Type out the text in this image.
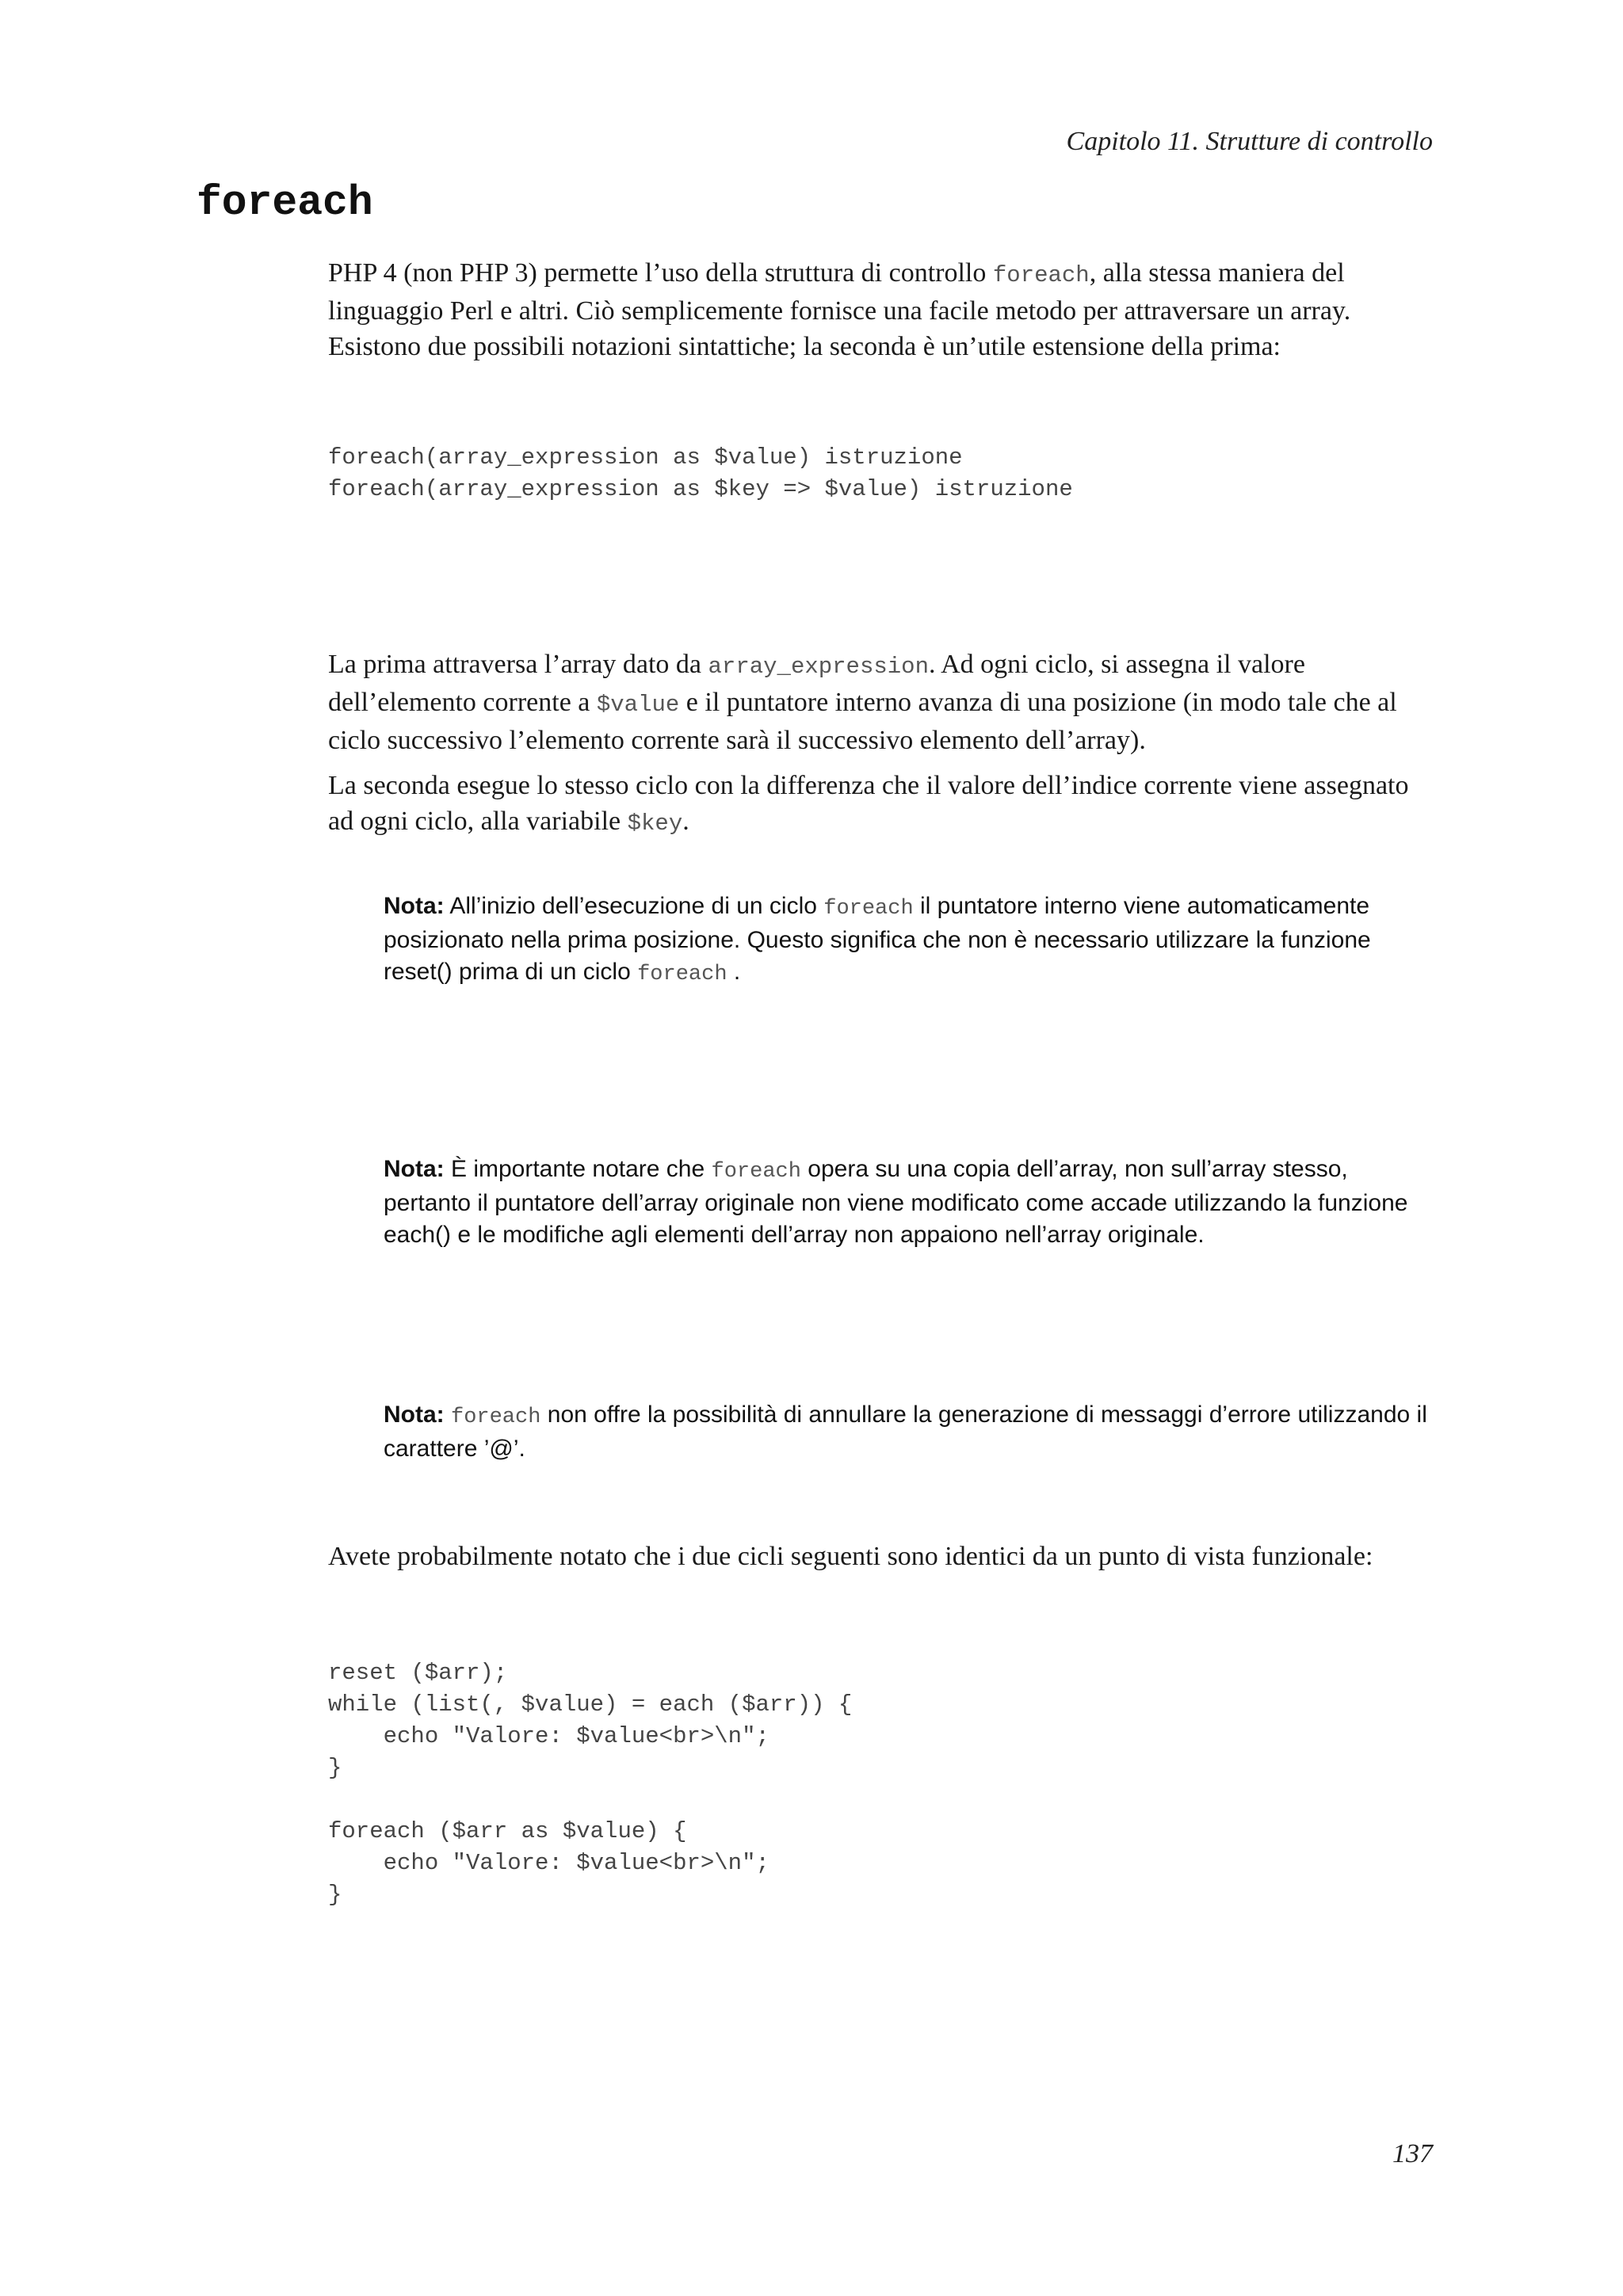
Capitolo 11. Strutture di controllo
foreach

PHP 4 (non PHP 3) permette l’uso della struttura di controllo foreach, alla stessa maniera del linguaggio Perl e altri. Ciò semplicemente fornisce una facile metodo per attraversare un array. Esistono due possibili notazioni sintattiche; la seconda è un’utile estensione della prima:

foreach(array_expression as $value) istruzione
foreach(array_expression as $key => $value) istruzione

La prima attraversa l’array dato da array_expression. Ad ogni ciclo, si assegna il valore dell’elemento corrente a $value e il puntatore interno avanza di una posizione (in modo tale che al ciclo successivo l’elemento corrente sarà il successivo elemento dell’array).

La seconda esegue lo stesso ciclo con la differenza che il valore dell’indice corrente viene assegnato ad ogni ciclo, alla variabile $key.

Nota: All’inizio dell’esecuzione di un ciclo foreach il puntatore interno viene automaticamente posizionato nella prima posizione. Questo significa che non è necessario utilizzare la funzione reset() prima di un ciclo foreach .

Nota: È importante notare che foreach opera su una copia dell’array, non sull’array stesso, pertanto il puntatore dell’array originale non viene modificato come accade utilizzando la funzione each() e le modifiche agli elementi dell’array non appaiono nell’array originale.

Nota: foreach non offre la possibilità di annullare la generazione di messaggi d’errore utilizzando il carattere ’@’.

Avete probabilmente notato che i due cicli seguenti sono identici da un punto di vista funzionale:

reset ($arr);
while (list(, $value) = each ($arr)) {
echo "Valore: $value<br>\n";
}

foreach ($arr as $value) {
echo "Valore: $value<br>\n";
}
137
